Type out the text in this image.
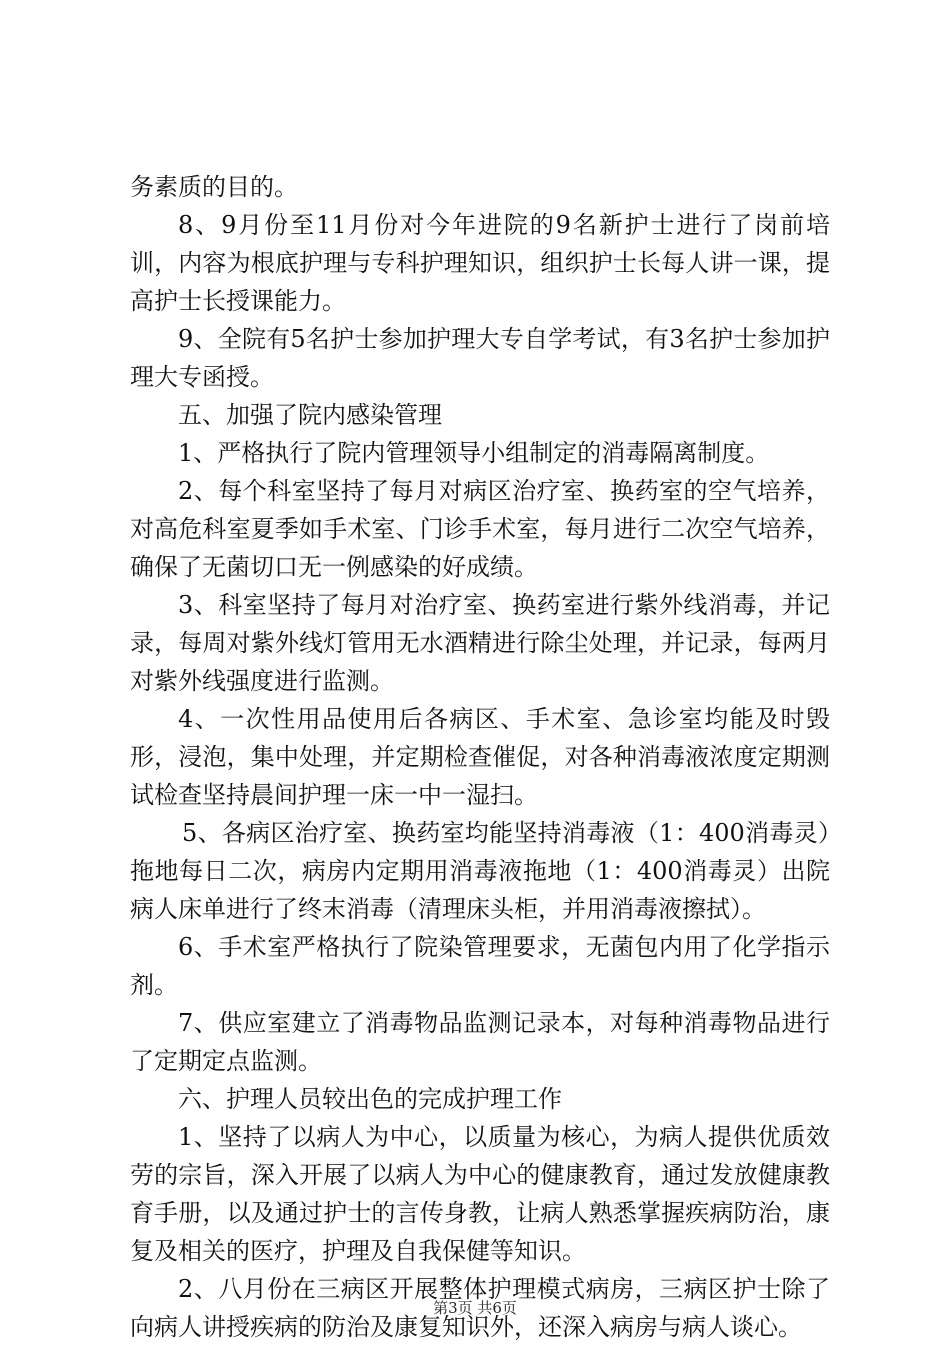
务素质的目的。

8、9月份至11月份对今年进院的9名新护士进行了岗前培训，内容为根底护理与专科护理知识，组织护士长每人讲一课，提高护士长授课能力。

9、全院有5名护士参加护理大专自学考试，有3名护士参加护理大专函授。

五、加强了院内感染管理

1、严格执行了院内管理领导小组制定的消毒隔离制度。

2、每个科室坚持了每月对病区治疗室、换药室的空气培养，对高危科室夏季如手术室、门诊手术室，每月进行二次空气培养，确保了无菌切口无一例感染的好成绩。

3、科室坚持了每月对治疗室、换药室进行紫外线消毒，并记录，每周对紫外线灯管用无水酒精进行除尘处理，并记录，每两月对紫外线强度进行监测。

4、一次性用品使用后各病区、手术室、急诊室均能及时毁形，浸泡，集中处理，并定期检查催促，对各种消毒液浓度定期测试检查坚持晨间护理一床一中一湿扫。

5、各病区治疗室、换药室均能坚持消毒液（1：400消毒灵）拖地每日二次，病房内定期用消毒液拖地（1：400消毒灵）出院病人床单进行了终末消毒（清理床头柜，并用消毒液擦拭）。

6、手术室严格执行了院染管理要求，无菌包内用了化学指示剂。

7、供应室建立了消毒物品监测记录本，对每种消毒物品进行了定期定点监测。

六、护理人员较出色的完成护理工作

1、坚持了以病人为中心，以质量为核心，为病人提供优质效劳的宗旨，深入开展了以病人为中心的健康教育，通过发放健康教育手册，以及通过护士的言传身教，让病人熟悉掌握疾病防治，康复及相关的医疗，护理及自我保健等知识。

2、八月份在三病区开展整体护理模式病房，三病区护士除了向病人讲授疾病的防治及康复知识外，还深入病房与病人谈心。

第3页 共6页
